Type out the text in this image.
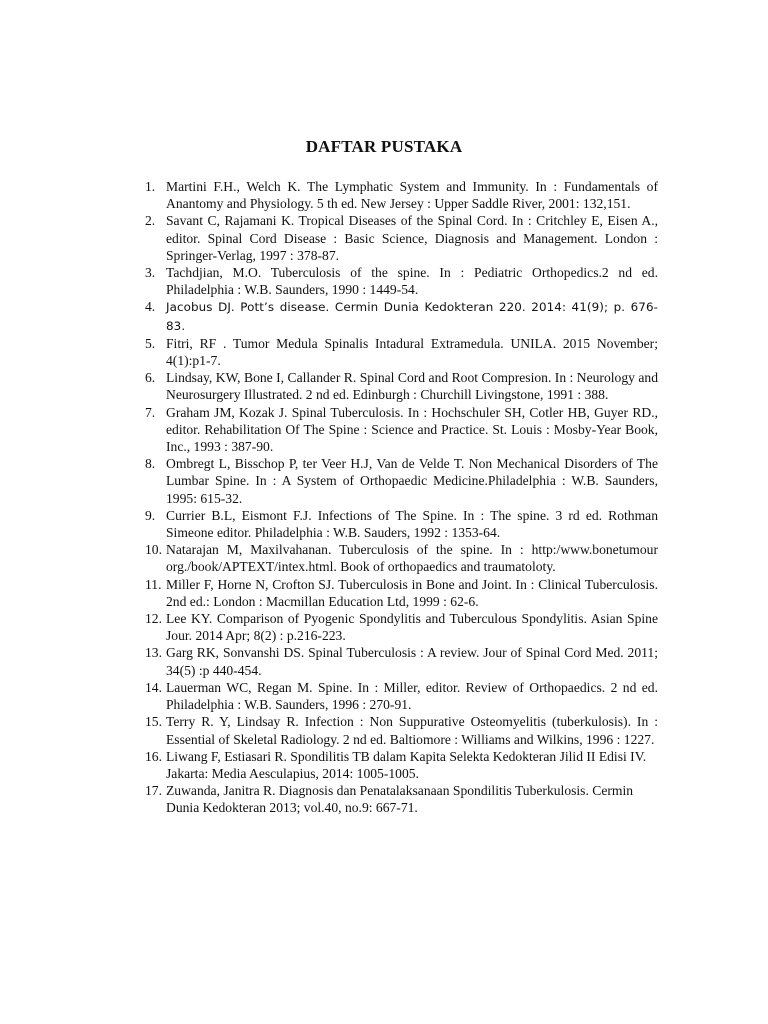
DAFTAR PUSTAKA
1. Martini F.H., Welch K. The Lymphatic System and Immunity. In : Fundamentals of Anantomy and Physiology. 5 th ed. New Jersey : Upper Saddle River, 2001: 132,151.
2. Savant C, Rajamani K. Tropical Diseases of the Spinal Cord. In : Critchley E, Eisen A., editor. Spinal Cord Disease : Basic Science, Diagnosis and Management. London : Springer-Verlag, 1997 : 378-87.
3. Tachdjian, M.O. Tuberculosis of the spine. In : Pediatric Orthopedics.2 nd ed. Philadelphia : W.B. Saunders, 1990 : 1449-54.
4. Jacobus DJ. Pott’s disease. Cermin Dunia Kedokteran 220. 2014: 41(9); p. 676-83.
5. Fitri, RF . Tumor Medula Spinalis Intadural Extramedula. UNILA. 2015 November; 4(1):p1-7.
6. Lindsay, KW, Bone I, Callander R. Spinal Cord and Root Compresion. In : Neurology and Neurosurgery Illustrated. 2 nd ed. Edinburgh : Churchill Livingstone, 1991 : 388.
7. Graham JM, Kozak J. Spinal Tuberculosis. In : Hochschuler SH, Cotler HB, Guyer RD., editor. Rehabilitation Of The Spine : Science and Practice. St. Louis : Mosby-Year Book, Inc., 1993 : 387-90.
8. Ombregt L, Bisschop P, ter Veer H.J, Van de Velde T. Non Mechanical Disorders of The Lumbar Spine. In : A System of Orthopaedic Medicine.Philadelphia : W.B. Saunders, 1995: 615-32.
9. Currier B.L, Eismont F.J. Infections of The Spine. In : The spine. 3 rd ed. Rothman Simeone editor. Philadelphia : W.B. Sauders, 1992 : 1353-64.
10. Natarajan M, Maxilvahanan. Tuberculosis of the spine. In : http:/www.bonetumour org./book/APTEXT/intex.html. Book of orthopaedics and traumatoloty.
11. Miller F, Horne N, Crofton SJ. Tuberculosis in Bone and Joint. In : Clinical Tuberculosis. 2nd ed.: London : Macmillan Education Ltd, 1999 : 62-6.
12. Lee KY. Comparison of Pyogenic Spondylitis and Tuberculous Spondylitis. Asian Spine Jour. 2014 Apr; 8(2) : p.216-223.
13. Garg RK, Sonvanshi DS. Spinal Tuberculosis : A review. Jour of Spinal Cord Med. 2011; 34(5) :p 440-454.
14. Lauerman WC, Regan M. Spine. In : Miller, editor. Review of Orthopaedics. 2 nd ed. Philadelphia : W.B. Saunders, 1996 : 270-91.
15. Terry R. Y, Lindsay R. Infection : Non Suppurative Osteomyelitis (tuberkulosis). In : Essential of Skeletal Radiology. 2 nd ed. Baltiomore : Williams and Wilkins, 1996 : 1227.
16. Liwang F, Estiasari R. Spondilitis TB dalam Kapita Selekta Kedokteran Jilid II Edisi IV. Jakarta: Media Aesculapius, 2014: 1005-1005.
17. Zuwanda, Janitra R. Diagnosis dan Penatalaksanaan Spondilitis Tuberkulosis. Cermin Dunia Kedokteran 2013; vol.40, no.9: 667-71.
